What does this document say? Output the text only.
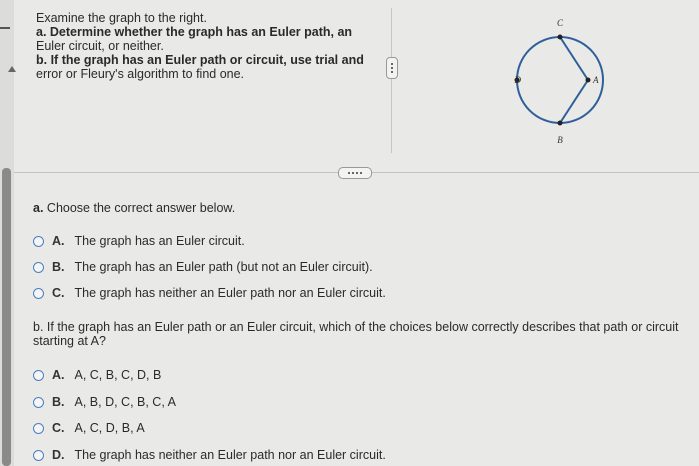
Examine the graph to the right.
a. Determine whether the graph has an Euler path, an
Euler circuit, or neither.
b. If the graph has an Euler path or circuit, use trial and
error or Fleury's algorithm to find one.
C
D	A
B
a. Choose the correct answer below.
A. The graph has an Euler circuit.
B. The graph has an Euler path (but not an Euler circuit).
C. The graph has neither an Euler path nor an Euler circuit.
b. If the graph has an Euler path or an Euler circuit, which of the choices below correctly describes that path or circuit
starting at A?
A. A, C, B, C, D, B
B. A, B, D, C, B, C, A
C. A, C, D, B, A
D. The graph has neither an Euler path nor an Euler circuit.
